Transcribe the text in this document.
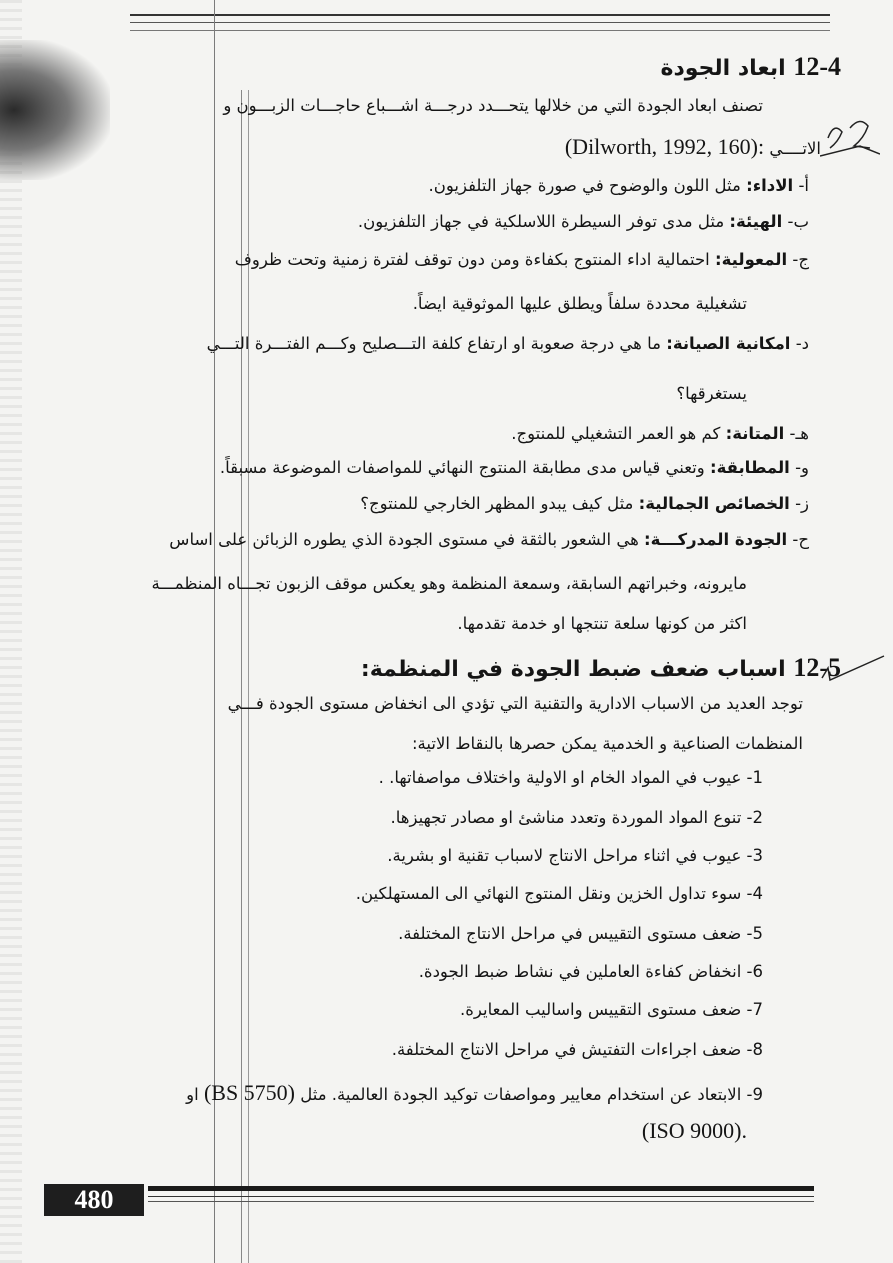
12-4 ابعاد الجودة
تصنف ابعاد الجودة التي من خلالها يتحـــدد درجـــة اشـــباع حاجـــات الزبـــون و
الاتــــي (Dilworth, 1992, 160):
أ- الاداء: مثل اللون والوضوح في صورة جهاز التلفزيون.
ب- الهيئة: مثل مدى توفر السيطرة اللاسلكية في جهاز التلفزيون.
ج- المعولية: احتمالية اداء المنتوج بكفاءة ومن دون توقف لفترة زمنية وتحت ظروف
تشغيلية محددة سلفاً ويطلق عليها الموثوقية ايضاً.
د- امكانية الصيانة: ما هي درجة صعوبة او ارتفاع كلفة التـــصليح وكـــم الفتـــرة التـــي
يستغرقها؟
هـ- المتانة: كم هو العمر التشغيلي للمنتوج.
و- المطابقة: وتعني قياس مدى مطابقة المنتوج النهائي للمواصفات الموضوعة مسبقاً.
ز- الخصائص الجمالية: مثل كيف يبدو المظهر الخارجي للمنتوج؟
ح- الجودة المدركـــة: هي الشعور بالثقة في مستوى الجودة الذي يطوره الزبائن على اساس
مايرونه، وخبراتهم السابقة، وسمعة المنظمة وهو يعكس موقف الزبون تجـــاه المنظمـــة
اكثر من كونها سلعة تنتجها او خدمة تقدمها.
12-5 اسباب ضعف ضبط الجودة في المنظمة:
توجد العديد من الاسباب الادارية والتقنية التي تؤدي الى انخفاض مستوى الجودة فـــي
المنظمات الصناعية و الخدمية يمكن حصرها بالنقاط الاتية:
1- عيوب في المواد الخام او الاولية واختلاف مواصفاتها. .
2- تنوع المواد الموردة وتعدد مناشئ او مصادر تجهيزها.
3- عيوب في اثناء مراحل الانتاج لاسباب تقنية او بشرية.
4- سوء تداول الخزين ونقل المنتوج النهائي الى المستهلكين.
5- ضعف مستوى التقييس في مراحل الانتاج المختلفة.
6- انخفاض كفاءة العاملين في نشاط ضبط الجودة.
7- ضعف مستوى التقييس واساليب المعايرة.
8- ضعف اجراءات التفتيش في مراحل الانتاج المختلفة.
9- الابتعاد عن استخدام معايير ومواصفات توكيد الجودة العالمية. مثل (BS 5750) او
(ISO 9000).
480
